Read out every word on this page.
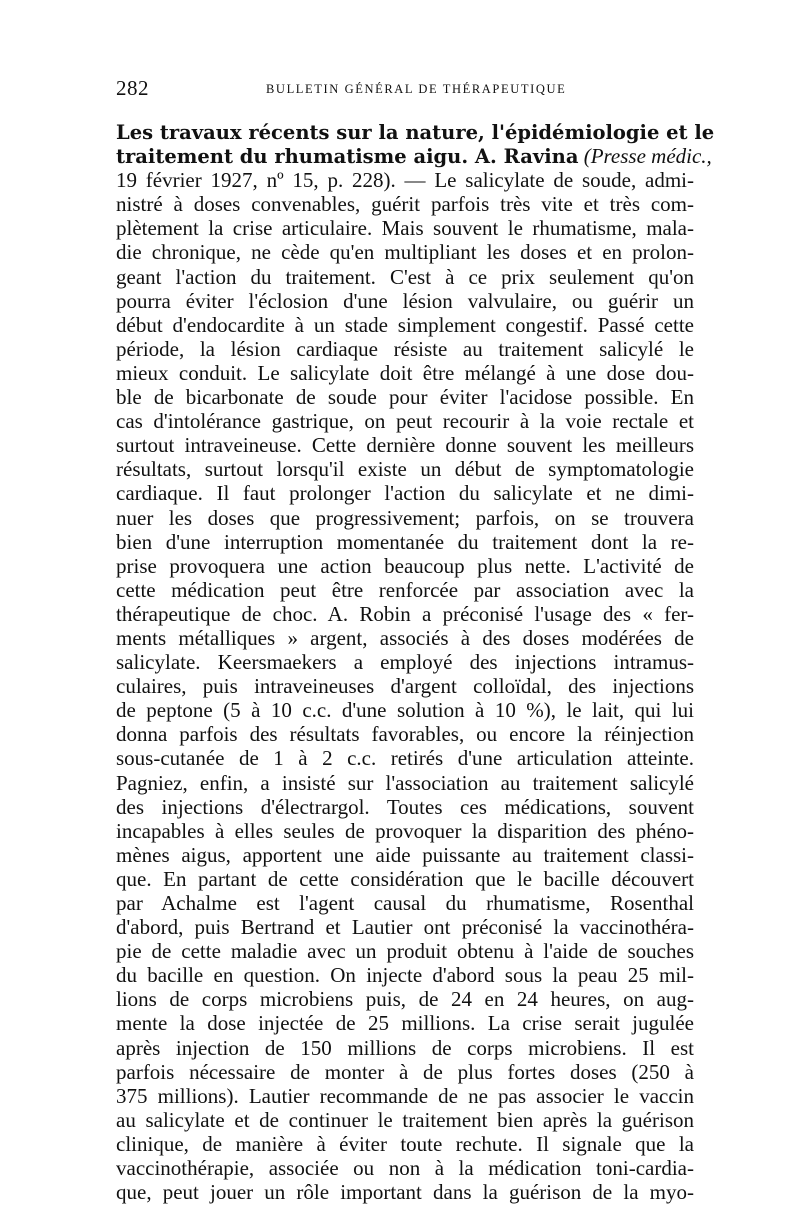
282	BULLETIN GÉNÉRAL DE THÉRAPEUTIQUE
Les travaux récents sur la nature, l'épidémiologie et le
traitement du rhumatisme aigu. A. Ravina (Presse médic.,
19 février 1927, nº 15, p. 228). — Le salicylate de soude, admi-
nistré à doses convenables, guérit parfois très vite et très com-
plètement la crise articulaire. Mais souvent le rhumatisme, mala-
die chronique, ne cède qu'en multipliant les doses et en prolon-
geant l'action du traitement. C'est à ce prix seulement qu'on
pourra éviter l'éclosion d'une lésion valvulaire, ou guérir un
début d'endocardite à un stade simplement congestif. Passé cette
période, la lésion cardiaque résiste au traitement salicylé le
mieux conduit. Le salicylate doit être mélangé à une dose dou-
ble de bicarbonate de soude pour éviter l'acidose possible. En
cas d'intolérance gastrique, on peut recourir à la voie rectale et
surtout intraveineuse. Cette dernière donne souvent les meilleurs
résultats, surtout lorsqu'il existe un début de symptomatologie
cardiaque. Il faut prolonger l'action du salicylate et ne dimi-
nuer les doses que progressivement; parfois, on se trouvera
bien d'une interruption momentanée du traitement dont la re-
prise provoquera une action beaucoup plus nette. L'activité de
cette médication peut être renforcée par association avec la
thérapeutique de choc. A. Robin a préconisé l'usage des « fer-
ments métalliques » argent, associés à des doses modérées de
salicylate. Keersmaekers a employé des injections intramus-
culaires, puis intraveineuses d'argent colloïdal, des injections
de peptone (5 à 10 c.c. d'une solution à 10 %), le lait, qui lui
donna parfois des résultats favorables, ou encore la réinjection
sous-cutanée de 1 à 2 c.c. retirés d'une articulation atteinte.
Pagniez, enfin, a insisté sur l'association au traitement salicylé
des injections d'électrargol. Toutes ces médications, souvent
incapables à elles seules de provoquer la disparition des phéno-
mènes aigus, apportent une aide puissante au traitement classi-
que. En partant de cette considération que le bacille découvert
par Achalme est l'agent causal du rhumatisme, Rosenthal
d'abord, puis Bertrand et Lautier ont préconisé la vaccinothéra-
pie de cette maladie avec un produit obtenu à l'aide de souches
du bacille en question. On injecte d'abord sous la peau 25 mil-
lions de corps microbiens puis, de 24 en 24 heures, on aug-
mente la dose injectée de 25 millions. La crise serait jugulée
après injection de 150 millions de corps microbiens. Il est
parfois nécessaire de monter à de plus fortes doses (250 à
375 millions). Lautier recommande de ne pas associer le vaccin
au salicylate et de continuer le traitement bien après la guérison
clinique, de manière à éviter toute rechute. Il signale que la
vaccinothérapie, associée ou non à la médication toni-cardia-
que, peut jouer un rôle important dans la guérison de la myo-
